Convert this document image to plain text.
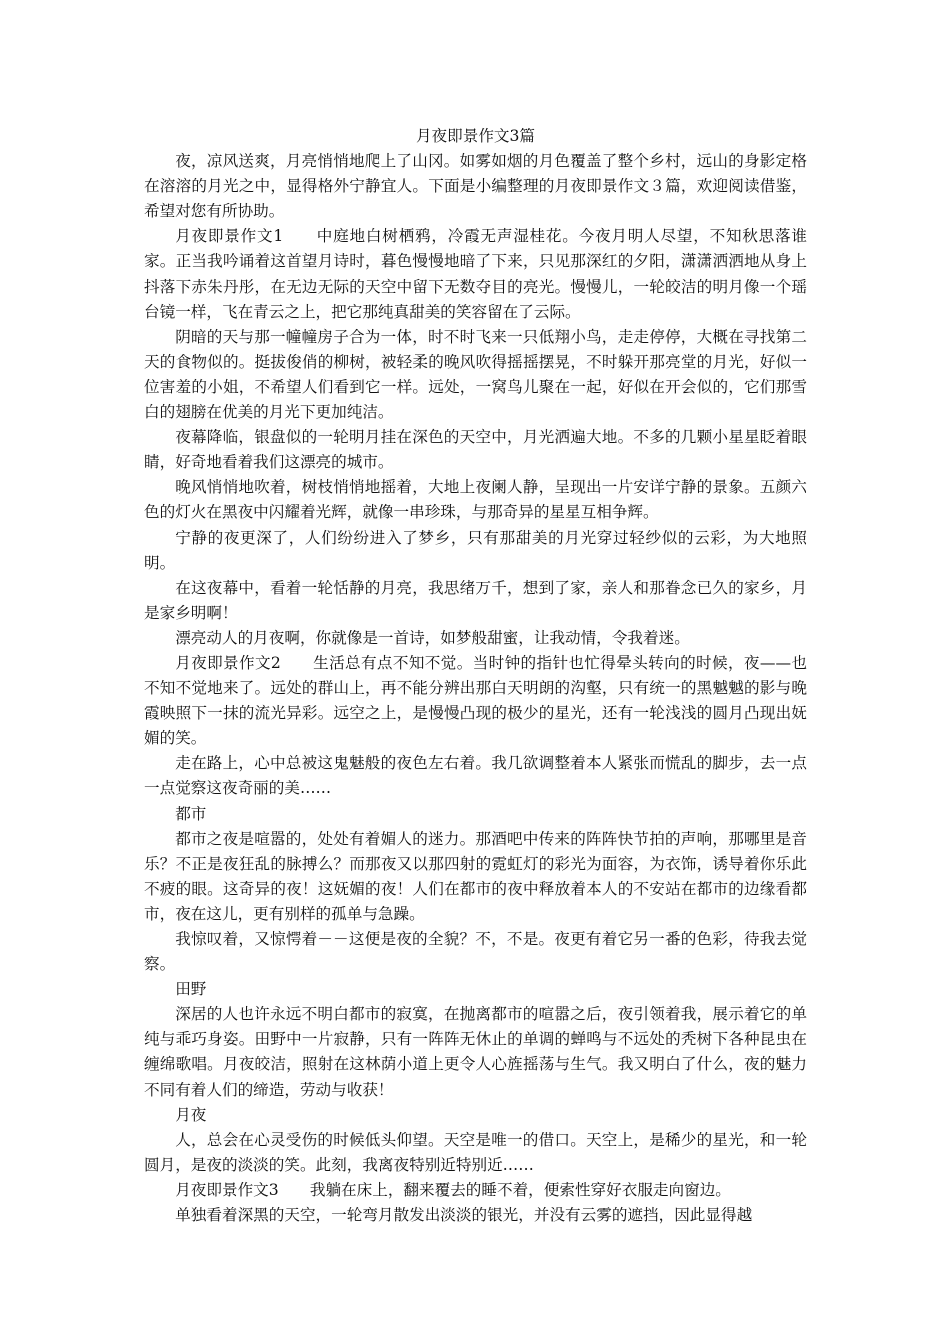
月夜即景作文3篇

夜，凉风送爽，月亮悄悄地爬上了山冈。如雾如烟的月色覆盖了整个乡村，远山的身影定格在溶溶的月光之中，显得格外宁静宜人。下面是小编整理的月夜即景作文３篇，欢迎阅读借鉴，希望对您有所协助。

月夜即景作文1　　中庭地白树栖鸦，冷霞无声湿桂花。今夜月明人尽望，不知秋思落谁家。正当我吟诵着这首望月诗时，暮色慢慢地暗了下来，只见那深红的夕阳，潇潇洒洒地从身上抖落下赤朱丹彤，在无边无际的天空中留下无数夺目的亮光。慢慢儿，一轮皎洁的明月像一个瑶台镜一样，飞在青云之上，把它那纯真甜美的笑容留在了云际。

阴暗的天与那一幢幢房子合为一体，时不时飞来一只低翔小鸟，走走停停，大概在寻找第二天的食物似的。挺拔俊俏的柳树，被轻柔的晚风吹得摇摇摆晃，不时躲开那亮堂的月光，好似一位害羞的小姐，不希望人们看到它一样。远处，一窝鸟儿聚在一起，好似在开会似的，它们那雪白的翅膀在优美的月光下更加纯洁。

夜幕降临，银盘似的一轮明月挂在深色的天空中，月光洒遍大地。不多的几颗小星星眨着眼睛，好奇地看着我们这漂亮的城市。

晚风悄悄地吹着，树枝悄悄地摇着，大地上夜阑人静，呈现出一片安详宁静的景象。五颜六色的灯火在黑夜中闪耀着光辉，就像一串珍珠，与那奇异的星星互相争辉。

宁静的夜更深了，人们纷纷进入了梦乡，只有那甜美的月光穿过轻纱似的云彩，为大地照明。

在这夜幕中，看着一轮恬静的月亮，我思绪万千，想到了家，亲人和那眷念已久的家乡，月是家乡明啊！

漂亮动人的月夜啊，你就像是一首诗，如梦般甜蜜，让我动情，令我着迷。

月夜即景作文2　　生活总有点不知不觉。当时钟的指针也忙得晕头转向的时候，夜——也不知不觉地来了。远处的群山上，再不能分辨出那白天明朗的沟壑，只有统一的黑魆魆的影与晚霞映照下一抹的流光异彩。远空之上，是慢慢凸现的极少的星光，还有一轮浅浅的圆月凸现出妩媚的笑。

走在路上，心中总被这鬼魅般的夜色左右着。我几欲调整着本人紧张而慌乱的脚步，去一点一点觉察这夜奇丽的美……

都市

都市之夜是喧嚣的，处处有着媚人的迷力。那酒吧中传来的阵阵快节拍的声响，那哪里是音乐？不正是夜狂乱的脉搏么？而那夜又以那四射的霓虹灯的彩光为面容，为衣饰，诱导着你乐此不疲的眼。这奇异的夜！这妩媚的夜！人们在都市的夜中释放着本人的不安站在都市的边缘看都市，夜在这儿，更有别样的孤单与急躁。

我惊叹着，又惊愕着－－这便是夜的全貌？不，不是。夜更有着它另一番的色彩，待我去觉察。

田野

深居的人也许永远不明白都市的寂寞，在抛离都市的喧嚣之后，夜引领着我，展示着它的单纯与乖巧身姿。田野中一片寂静，只有一阵阵无休止的单调的蝉鸣与不远处的秃树下各种昆虫在缠绵歌唱。月夜皎洁，照射在这林荫小道上更令人心旌摇荡与生气。我又明白了什么，夜的魅力不同有着人们的缔造，劳动与收获！

月夜

人，总会在心灵受伤的时候低头仰望。天空是唯一的借口。天空上，是稀少的星光，和一轮圆月，是夜的淡淡的笑。此刻，我离夜特别近特别近……

月夜即景作文3　　我躺在床上，翻来覆去的睡不着，便索性穿好衣服走向窗边。

单独看着深黑的天空，一轮弯月散发出淡淡的银光，并没有云雾的遮挡，因此显得越
